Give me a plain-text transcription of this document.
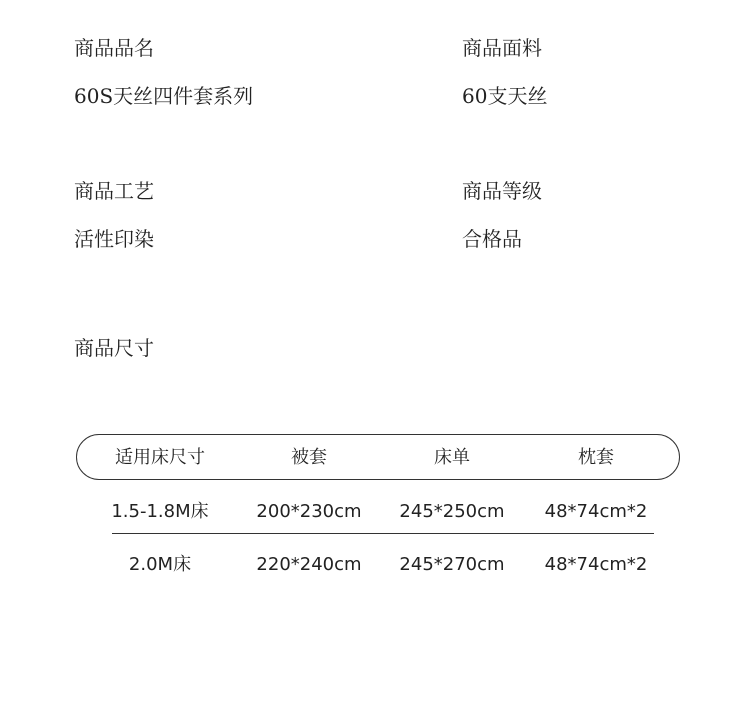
商品品名
60S天丝四件套系列
商品面料
60支天丝
商品工艺
活性印染
商品等级
合格品
商品尺寸
适用床尺寸	被套	床单	枕套
1.5-1.8M床	200*230cm 245*250cm 48*74cm*2
2.0M床	220*240cm 245*270cm 48*74cm*2
